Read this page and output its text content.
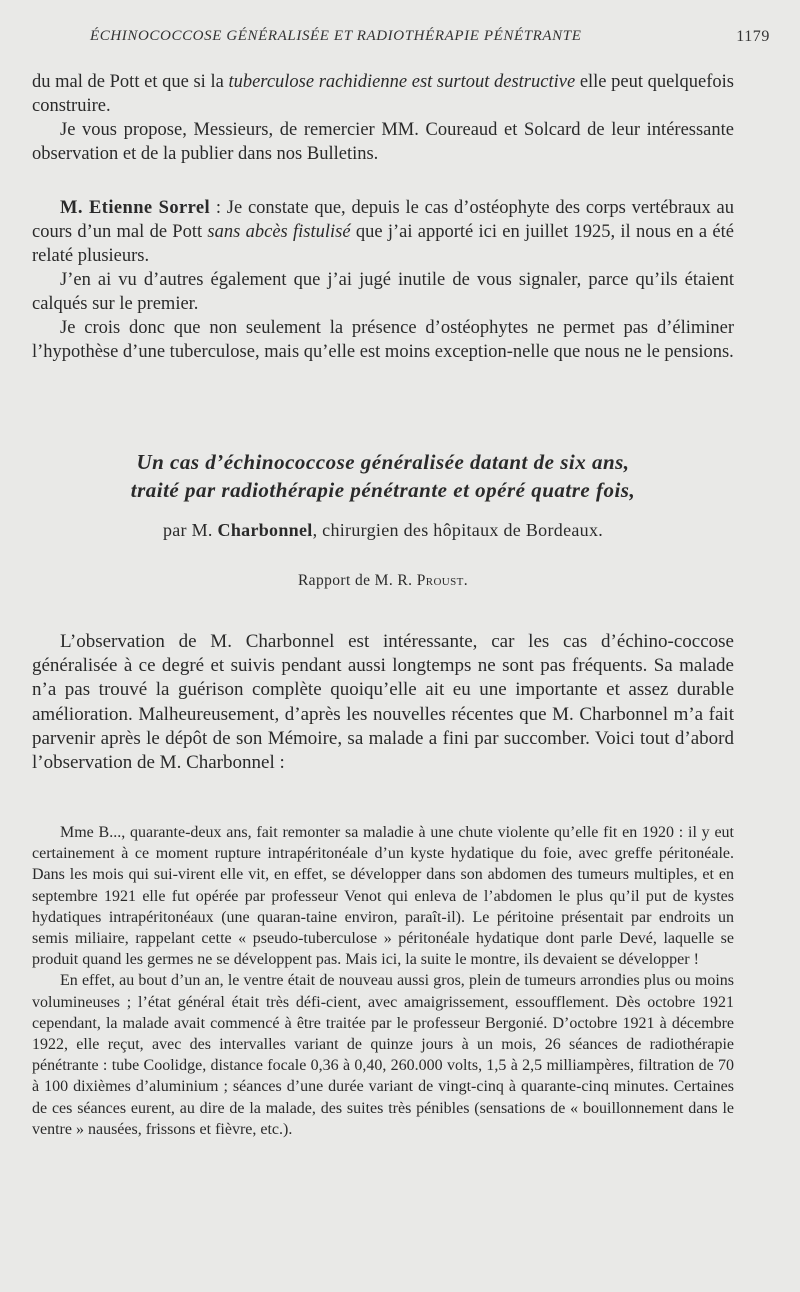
ÉCHINOCOCCOSE GÉNÉRALISÉE ET RADIOTHÉRAPIE PÉNÉTRANTE	1179

du mal de Pott et que si la tuberculose rachidienne est surtout destructive elle peut quelquefois construire.

Je vous propose, Messieurs, de remercier MM. Coureaud et Solcard de leur intéressante observation et de la publier dans nos Bulletins.

M. Etienne Sorrel : Je constate que, depuis le cas d’ostéophyte des corps vertébraux au cours d’un mal de Pott sans abcès fistulisé que j’ai apporté ici en juillet 1925, il nous en a été relaté plusieurs.

J’en ai vu d’autres également que j’ai jugé inutile de vous signaler, parce qu’ils étaient calqués sur le premier.

Je crois donc que non seulement la présence d’ostéophytes ne permet pas d’éliminer l’hypothèse d’une tuberculose, mais qu’elle est moins exception-nelle que nous ne le pensions.

Un cas d’échinococcose généralisée datant de six ans,
traité par radiothérapie pénétrante et opéré quatre fois,
par M. Charbonnel, chirurgien des hôpitaux de Bordeaux.
Rapport de M. R. Proust.

L’observation de M. Charbonnel est intéressante, car les cas d’échino-coccose généralisée à ce degré et suivis pendant aussi longtemps ne sont pas fréquents. Sa malade n’a pas trouvé la guérison complète quoiqu’elle ait eu une importante et assez durable amélioration. Malheureusement, d’après les nouvelles récentes que M. Charbonnel m’a fait parvenir après le dépôt de son Mémoire, sa malade a fini par succomber. Voici tout d’abord l’observation de M. Charbonnel :

Mme B..., quarante-deux ans, fait remonter sa maladie à une chute violente qu’elle fit en 1920 : il y eut certainement à ce moment rupture intrapéritonéale d’un kyste hydatique du foie, avec greffe péritonéale. Dans les mois qui sui-virent elle vit, en effet, se développer dans son abdomen des tumeurs multiples, et en septembre 1921 elle fut opérée par professeur Venot qui enleva de l’abdomen le plus qu’il put de kystes hydatiques intrapéritonéaux (une quaran-taine environ, paraît-il). Le péritoine présentait par endroits un semis miliaire, rappelant cette « pseudo-tuberculose » péritonéale hydatique dont parle Devé, laquelle se produit quand les germes ne se développent pas. Mais ici, la suite le montre, ils devaient se développer !

En effet, au bout d’un an, le ventre était de nouveau aussi gros, plein de tumeurs arrondies plus ou moins volumineuses ; l’état général était très défi-cient, avec amaigrissement, essoufflement. Dès octobre 1921 cependant, la malade avait commencé à être traitée par le professeur Bergonié. D’octobre 1921 à décembre 1922, elle reçut, avec des intervalles variant de quinze jours à un mois, 26 séances de radiothérapie pénétrante : tube Coolidge, distance focale 0,36 à 0,40, 260.000 volts, 1,5 à 2,5 milliampères, filtration de 70 à 100 dixièmes d’aluminium ; séances d’une durée variant de vingt-cinq à quarante-cinq minutes. Certaines de ces séances eurent, au dire de la malade, des suites très pénibles (sensations de « bouillonnement dans le ventre » nausées, frissons et fièvre, etc.).
